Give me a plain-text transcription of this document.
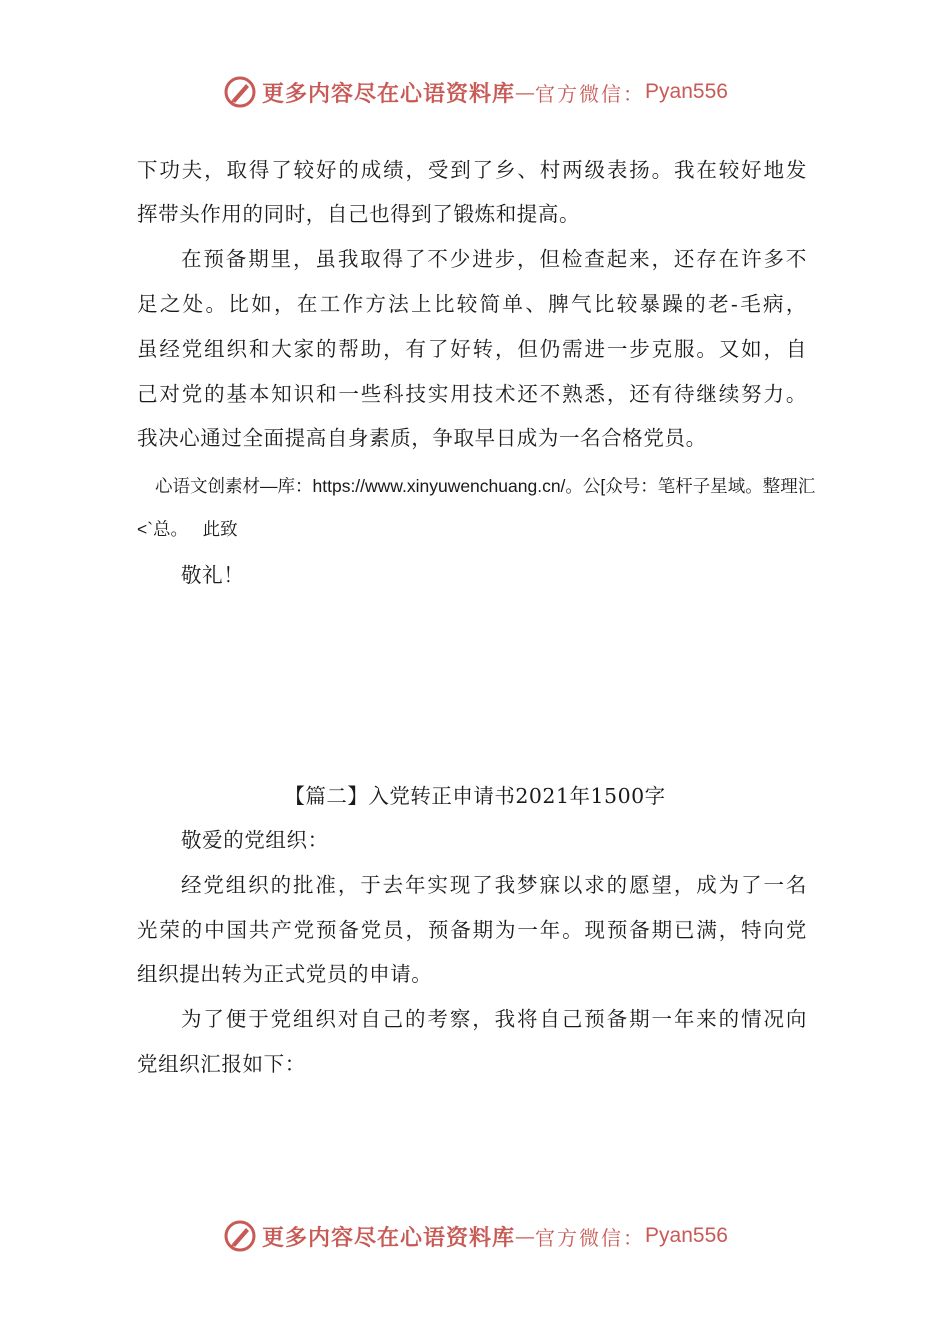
更多内容尽在心语资料库 — 官方微信： Pyan556
下功夫，取得了较好的成绩，受到了乡、村两级表扬。我在较好地发
挥带头作用的同时，自己也得到了锻炼和提高。
在预备期里，虽我取得了不少进步，但检查起来，还存在许多不
足之处。比如，在工作方法上比较简单、脾气比较暴躁的老-毛病，
虽经党组织和大家的帮助，有了好转，但仍需进一步克服。又如，自
己对党的基本知识和一些科技实用技术还不熟悉，还有待继续努力。
我决心通过全面提高自身素质，争取早日成为一名合格党员。
心语文创素材—库：https://www.xinyuwenchuang.cn/。公[众号：笔杆子星域。整理汇
<`总。   此致
敬礼！
【篇二】入党转正申请书2021年1500字
敬爱的党组织：
经党组织的批准，于去年实现了我梦寐以求的愿望，成为了一名
光荣的中国共产党预备党员，预备期为一年。现预备期已满，特向党
组织提出转为正式党员的申请。
为了便于党组织对自己的考察，我将自己预备期一年来的情况向
党组织汇报如下：
更多内容尽在心语资料库 — 官方微信： Pyan556
